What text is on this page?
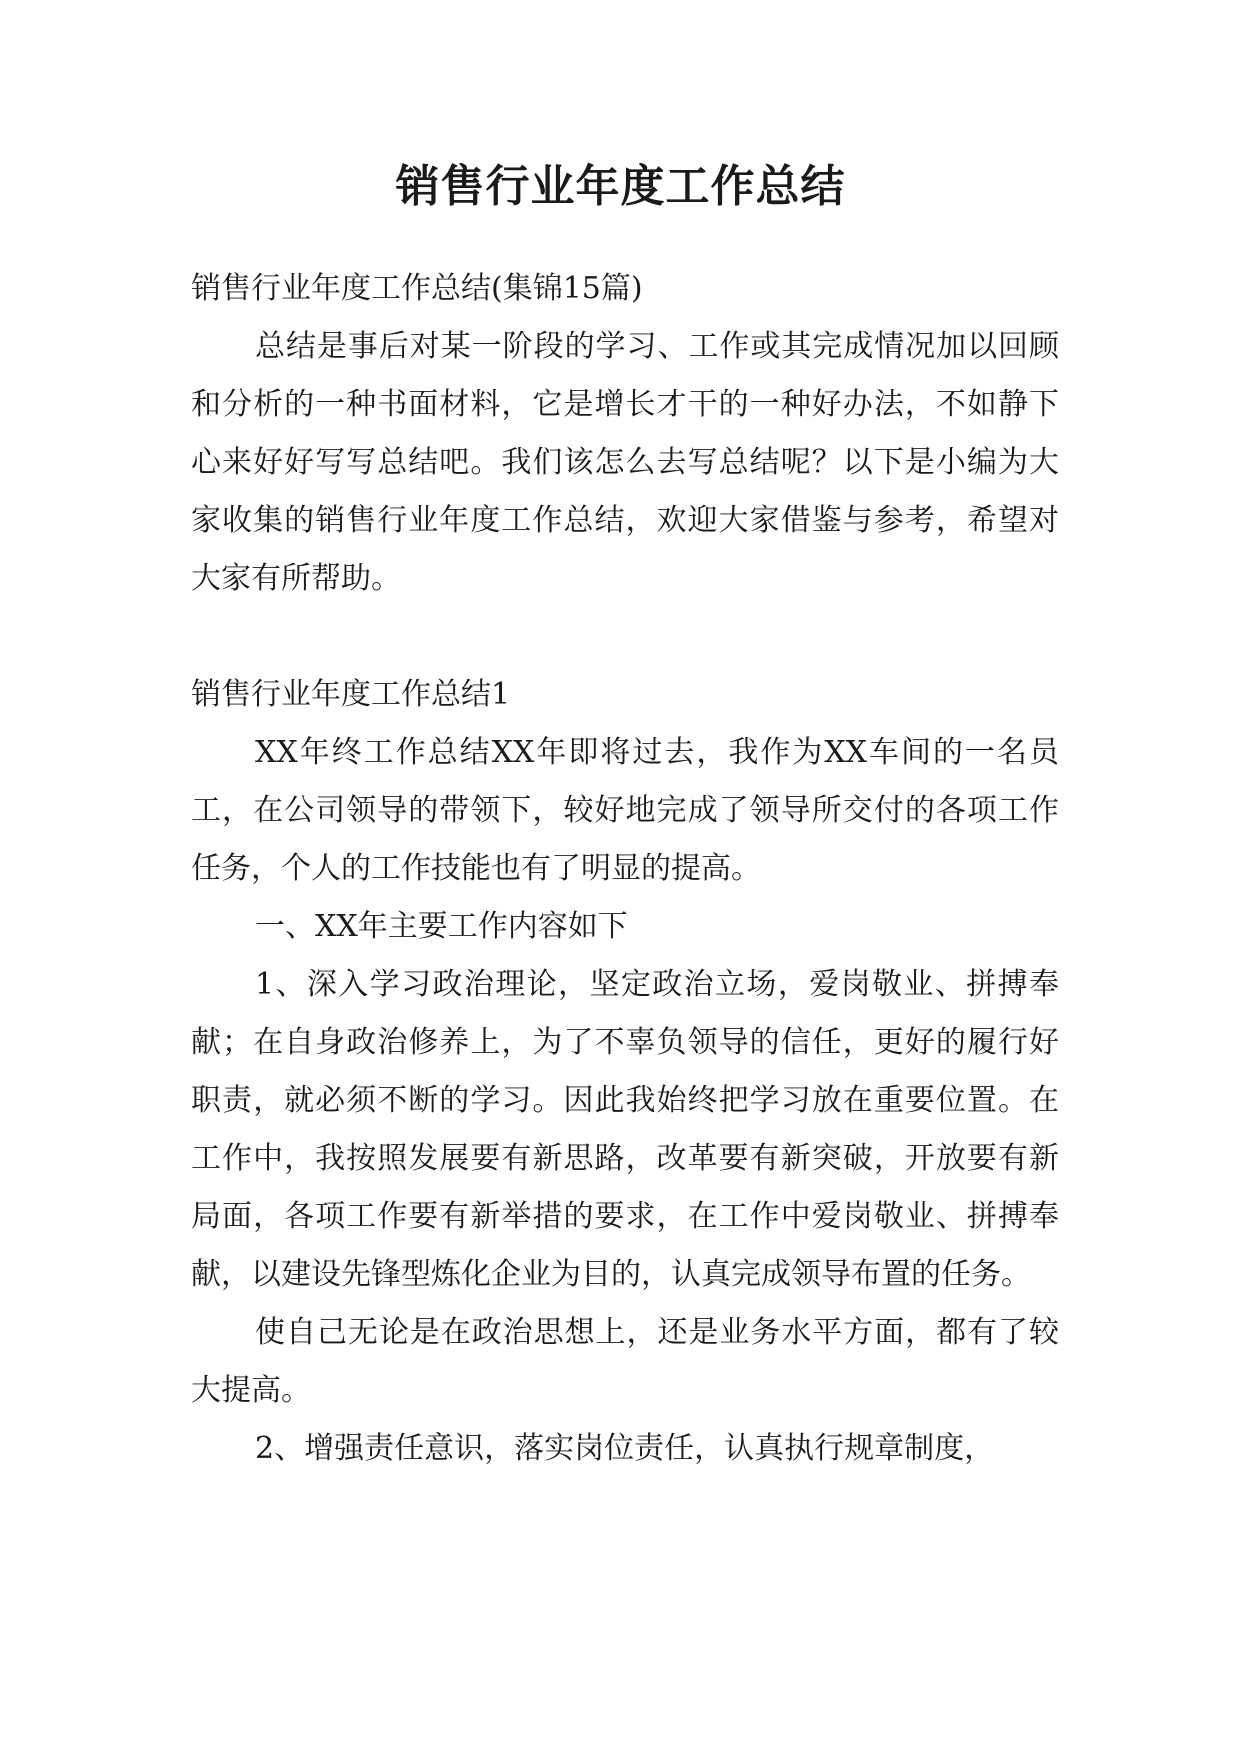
销售行业年度工作总结

销售行业年度工作总结(集锦15篇)

总结是事后对某一阶段的学习、工作或其完成情况加以回顾和分析的一种书面材料，它是增长才干的一种好办法，不如静下心来好好写写总结吧。我们该怎么去写总结呢？以下是小编为大家收集的销售行业年度工作总结，欢迎大家借鉴与参考，希望对大家有所帮助。

销售行业年度工作总结1

XX年终工作总结XX年即将过去，我作为XX车间的一名员工，在公司领导的带领下，较好地完成了领导所交付的各项工作任务，个人的工作技能也有了明显的提高。

一、XX年主要工作内容如下

1、深入学习政治理论，坚定政治立场，爱岗敬业、拼搏奉献；在自身政治修养上，为了不辜负领导的信任，更好的履行好职责，就必须不断的学习。因此我始终把学习放在重要位置。在工作中，我按照发展要有新思路，改革要有新突破，开放要有新局面，各项工作要有新举措的要求，在工作中爱岗敬业、拼搏奉献，以建设先锋型炼化企业为目的，认真完成领导布置的任务。

使自己无论是在政治思想上，还是业务水平方面，都有了较大提高。

2、增强责任意识，落实岗位责任，认真执行规章制度，
